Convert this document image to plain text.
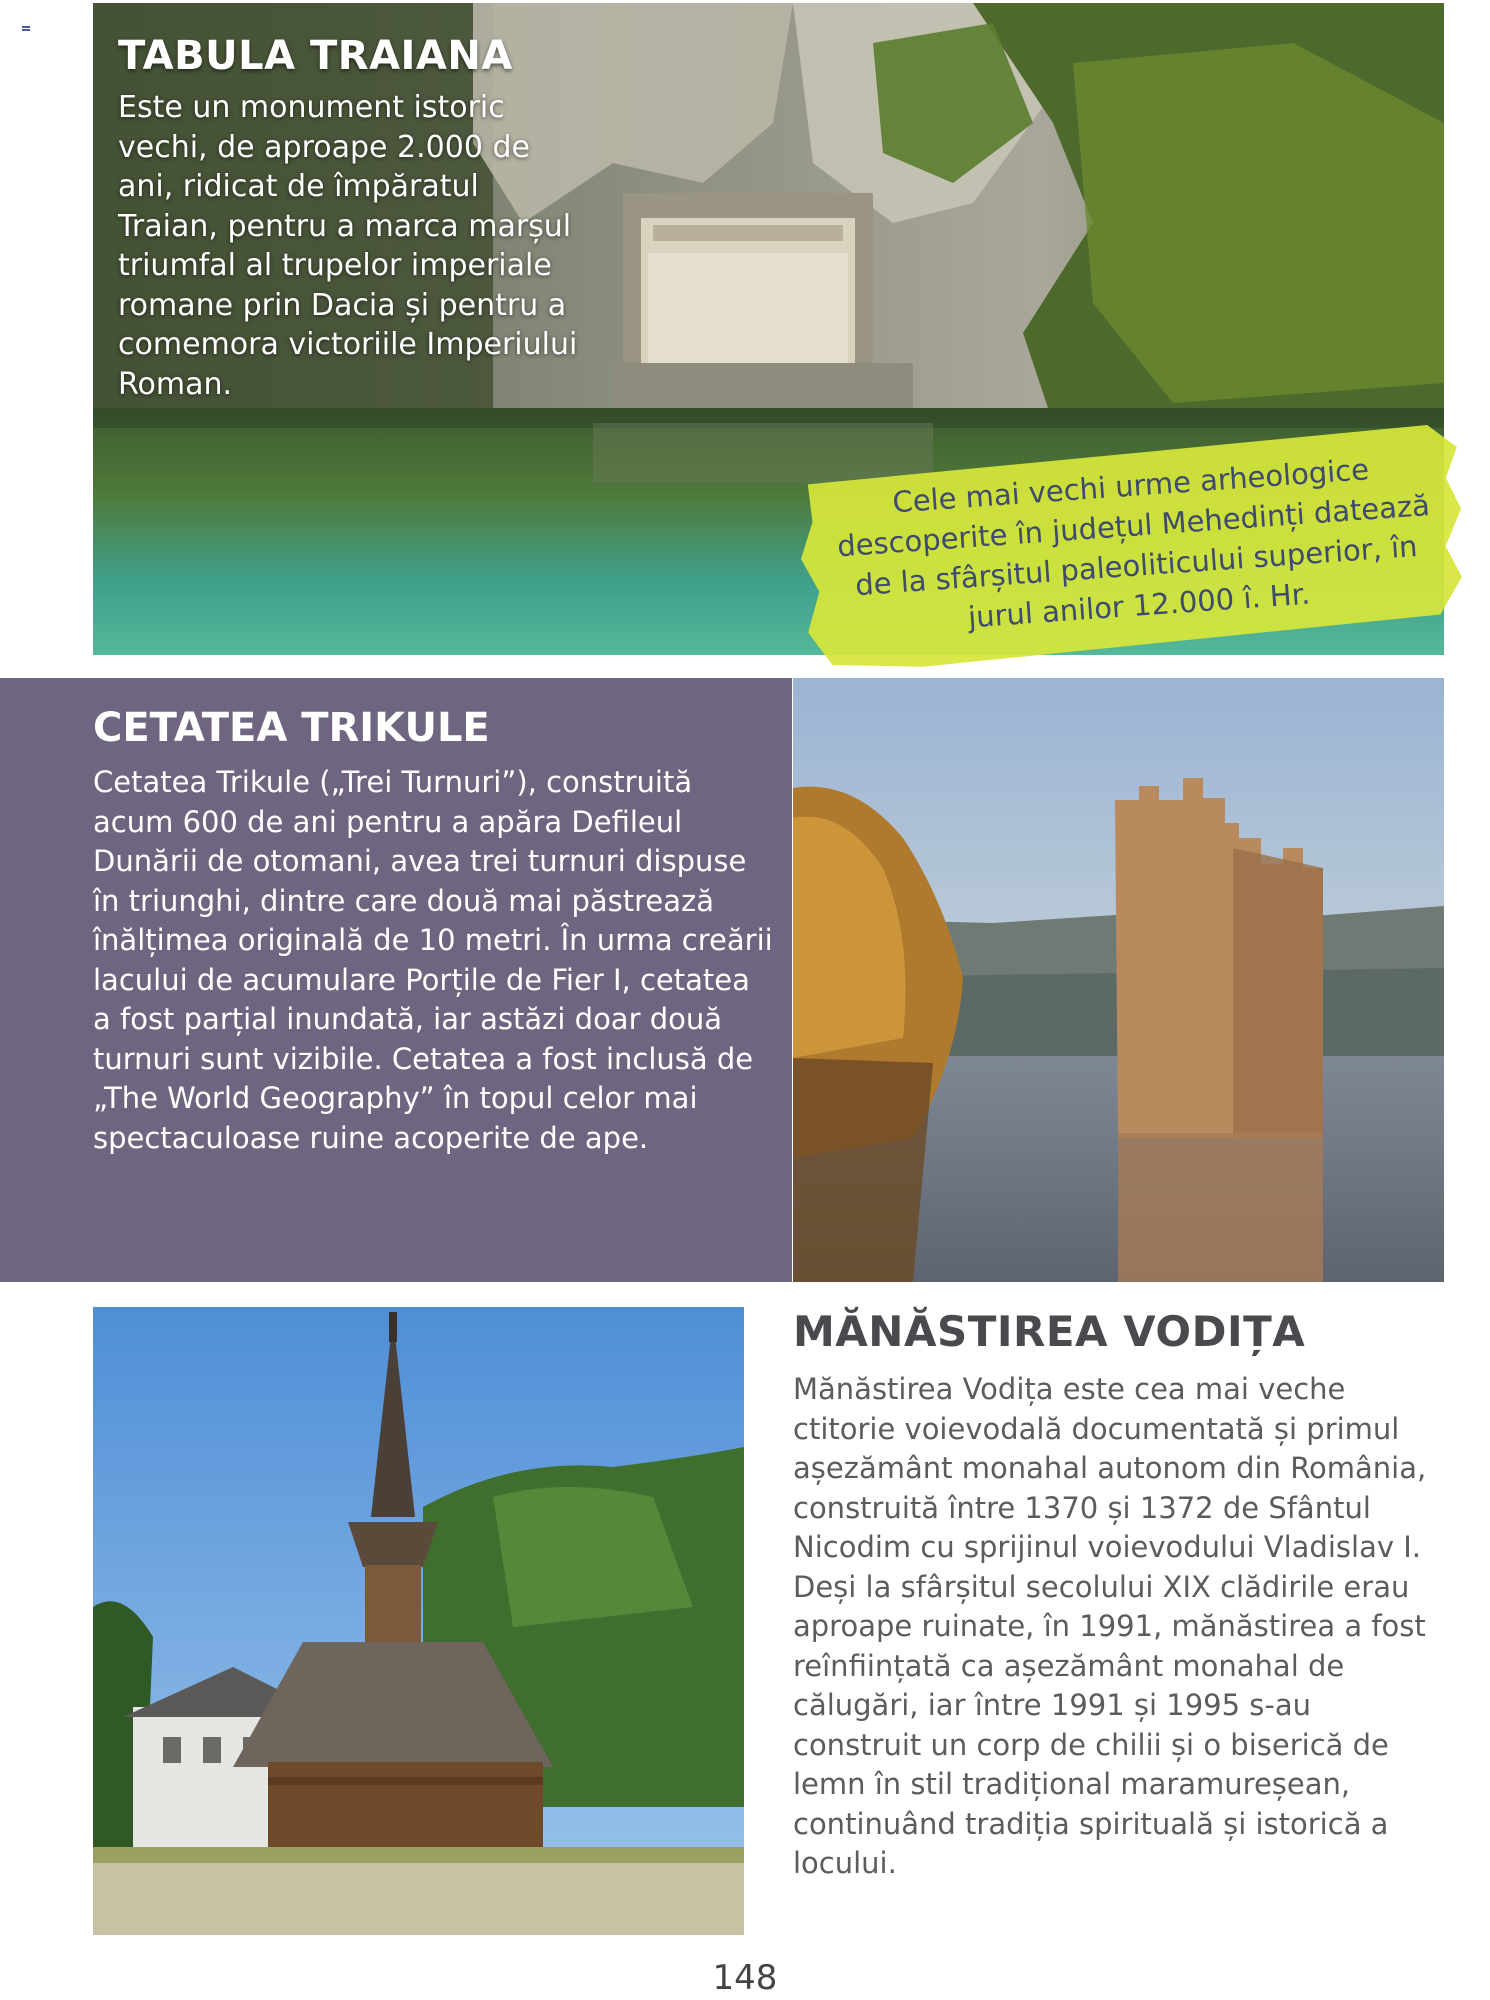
TABULA TRAIANA
Este un monument istoric vechi, de aproape 2.000 de ani, ridicat de împăratul Traian, pentru a marca marșul triumfal al trupelor imperiale romane prin Dacia și pentru a comemora victoriile Imperiului Roman.
Cele mai vechi urme arheologice descoperite în județul Mehedinți datează de la sfârșitul paleoliticului superior, în jurul anilor 12.000 î. Hr.
CETATEA TRIKULE
Cetatea Trikule („Trei Turnuri”), construită acum 600 de ani pentru a apăra Defileul Dunării de otomani, avea trei turnuri dispuse în triunghi, dintre care două mai păstrează înălțimea originală de 10 metri. În urma creării lacului de acumulare Porțile de Fier I, cetatea a fost parțial inundată, iar astăzi doar două turnuri sunt vizibile. Cetatea a fost inclusă de „The World Geography” în topul celor mai spectaculoase ruine acoperite de ape.
MĂNĂSTIREA VODIȚA
Mănăstirea Vodița este cea mai veche ctitorie voievodală documentată și primul așezământ monahal autonom din România, construită între 1370 și 1372 de Sfântul Nicodim cu sprijinul voievodului Vladislav I. Deși la sfârșitul secolului XIX clădirile erau aproape ruinate, în 1991, mănăstirea a fost reînființată ca așezământ monahal de călugări, iar între 1991 și 1995 s-au construit un corp de chilii și o biserică de lemn în stil tradițional maramureșean, continuând tradiția spirituală și istorică a locului.
148
